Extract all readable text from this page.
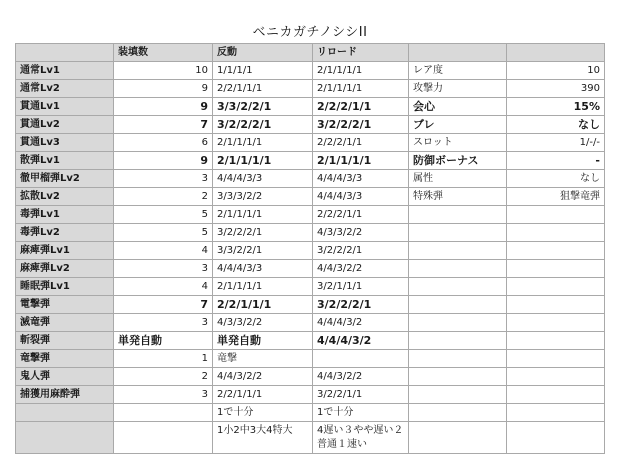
ベニカガチノシシII
	装填数	反動	リロード		
通常Lv1	10	1/1/1/1	2/1/1/1/1	レア度	10
通常Lv2	9	2/2/1/1/1	2/1/1/1/1	攻撃力	390
貫通Lv1	9	3/3/2/2/1	2/2/2/1/1	会心	15%
貫通Lv2	7	3/2/2/2/1	3/2/2/2/1	ブレ	なし
貫通Lv3	6	2/1/1/1/1	2/2/2/1/1	スロット	1/-/-
散弾Lv1	9	2/1/1/1/1	2/1/1/1/1	防御ボーナス	-
徹甲榴弾Lv2	3	4/4/4/3/3	4/4/4/3/3	属性	なし
拡散Lv2	2	3/3/3/2/2	4/4/4/3/3	特殊弾	狙撃竜弾
毒弾Lv1	5	2/1/1/1/1	2/2/2/1/1		
毒弾Lv2	5	3/2/2/2/1	4/3/3/2/2		
麻痺弾Lv1	4	3/3/2/2/1	3/2/2/2/1		
麻痺弾Lv2	3	4/4/4/3/3	4/4/3/2/2		
睡眠弾Lv1	4	2/1/1/1/1	3/2/1/1/1		
電撃弾	7	2/2/1/1/1	3/2/2/2/1		
滅竜弾	3	4/3/3/2/2	4/4/4/3/2		
斬裂弾	単発自動	単発自動	4/4/4/3/2		
竜撃弾	1	竜撃			
鬼人弾	2	4/4/3/2/2	4/4/3/2/2		
捕獲用麻酔弾	3	2/2/1/1/1	3/2/2/1/1		
		1で十分	1で十分		
		1小2中3大4特大	4遅い３やや遅い２普通１速い		
